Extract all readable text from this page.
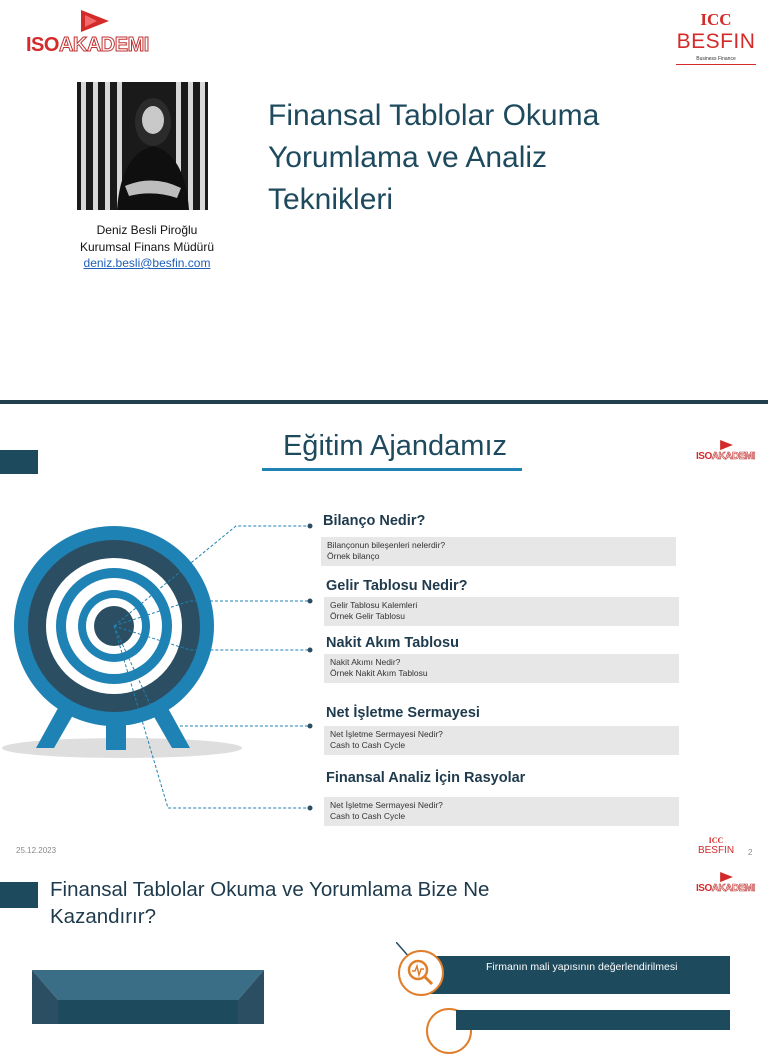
ISOAKADEMI
ICC
BESFIN
Business Finance
Deniz Besli Piroğlu
Kurumsal Finans Müdürü
deniz.besli@besfin.com
Finansal Tablolar Okuma
Yorumlama ve Analiz
Teknikleri
Eğitim Ajandamız	ISOAKADEMI
Bilanço Nedir?
Bilançonun bileşenleri nelerdir?
Örnek bilanço
Gelir Tablosu Nedir?
Gelir Tablosu Kalemleri
Örnek Gelir Tablosu
Nakit Akım Tablosu
Nakit Akımı Nedir?
Örnek Nakit Akım Tablosu
Net İşletme Sermayesi
Net İşletme Sermayesi Nedir?
Cash to Cash Cycle
Finansal Analiz İçin Rasyolar
Net İşletme Sermayesi Nedir?
Cash to Cash Cycle
25.12.2023
ICC
BESFIN 2
Finansal Tablolar Okuma ve Yorumlama Bize Ne
Kazandırır?
ISOAKADEMI
Firmanın mali yapısının değerlendirilmesi
